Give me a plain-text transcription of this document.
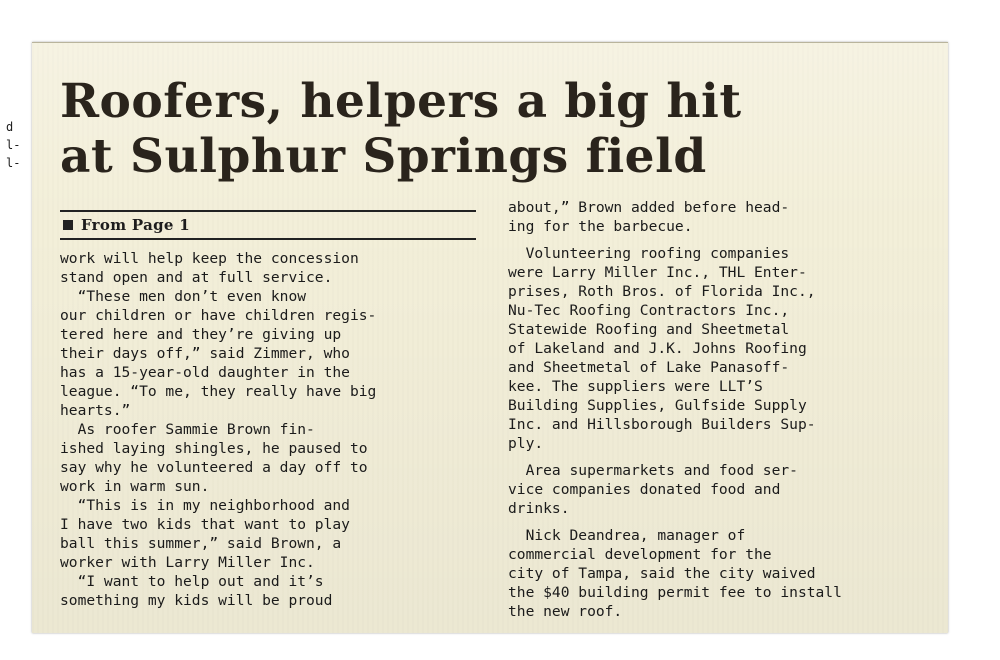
d
l-
l-
Roofers, helpers a big hit
at Sulphur Springs field
From Page 1
work will help keep the concession
stand open and at full service.
“These men don’t even know
our children or have children regis-
tered here and they’re giving up
their days off,” said Zimmer, who
has a 15-year-old daughter in the
league. “To me, they really have big
hearts.”
As roofer Sammie Brown fin-
ished laying shingles, he paused to
say why he volunteered a day off to
work in warm sun.
“This is in my neighborhood and
I have two kids that want to play
ball this summer,” said Brown, a
worker with Larry Miller Inc.
“I want to help out and it’s
something my kids will be proud
about,” Brown added before head-
ing for the barbecue.
Volunteering roofing companies
were Larry Miller Inc., THL Enter-
prises, Roth Bros. of Florida Inc.,
Nu-Tec Roofing Contractors Inc.,
Statewide Roofing and Sheetmetal
of Lakeland and J.K. Johns Roofing
and Sheetmetal of Lake Panasoff-
kee. The suppliers were LLT’S
Building Supplies, Gulfside Supply
Inc. and Hillsborough Builders Sup-
ply.
Area supermarkets and food ser-
vice companies donated food and
drinks.
Nick Deandrea, manager of
commercial development for the
city of Tampa, said the city waived
the $40 building permit fee to install
the new roof.
